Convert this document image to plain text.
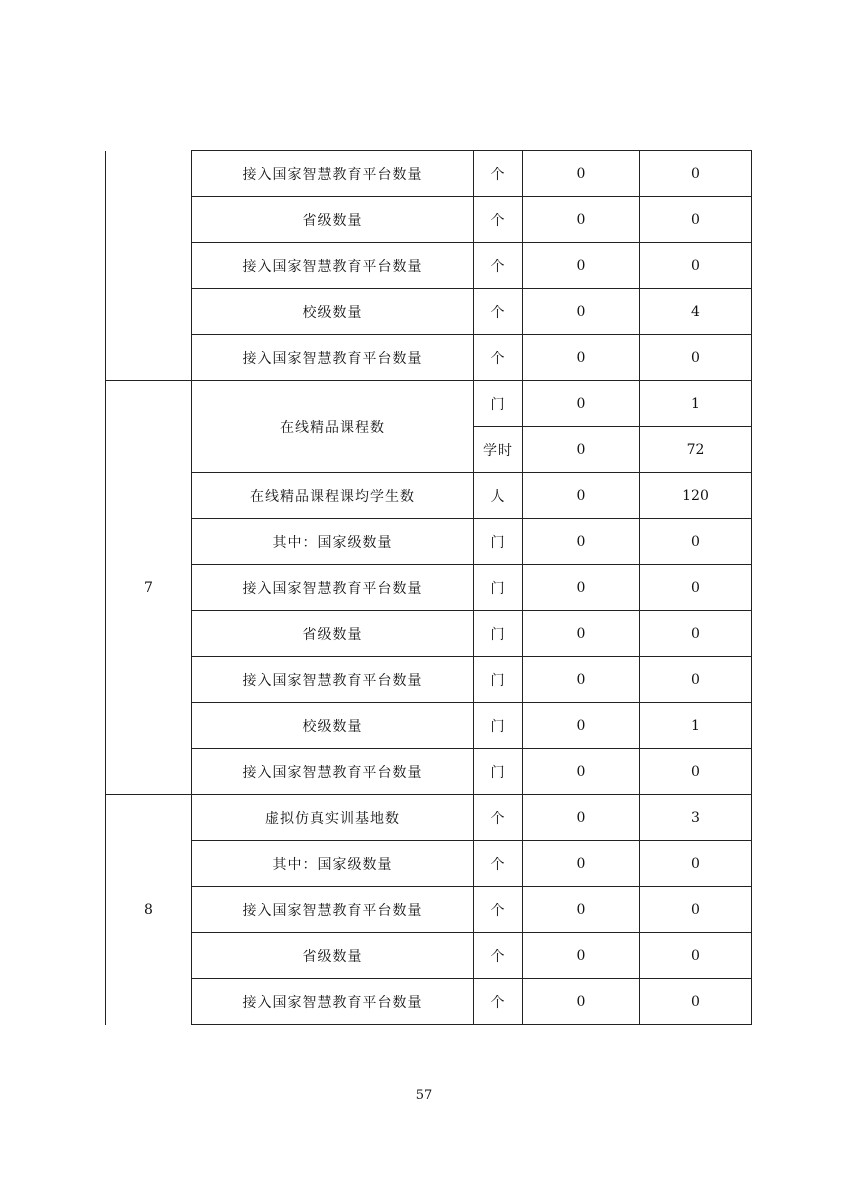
	接入国家智慧教育平台数量	个	0	0
	省级数量	个	0	0
	接入国家智慧教育平台数量	个	0	0
	校级数量	个	0	4
	接入国家智慧教育平台数量	个	0	0
7	在线精品课程数	门	0	1
		学时	0	72
	在线精品课程课均学生数	人	0	120
	其中：国家级数量	门	0	0
	接入国家智慧教育平台数量	门	0	0
	省级数量	门	0	0
	接入国家智慧教育平台数量	门	0	0
	校级数量	门	0	1
	接入国家智慧教育平台数量	门	0	0
8	虚拟仿真实训基地数	个	0	3
	其中：国家级数量	个	0	0
	接入国家智慧教育平台数量	个	0	0
	省级数量	个	0	0
	接入国家智慧教育平台数量	个	0	0
57
